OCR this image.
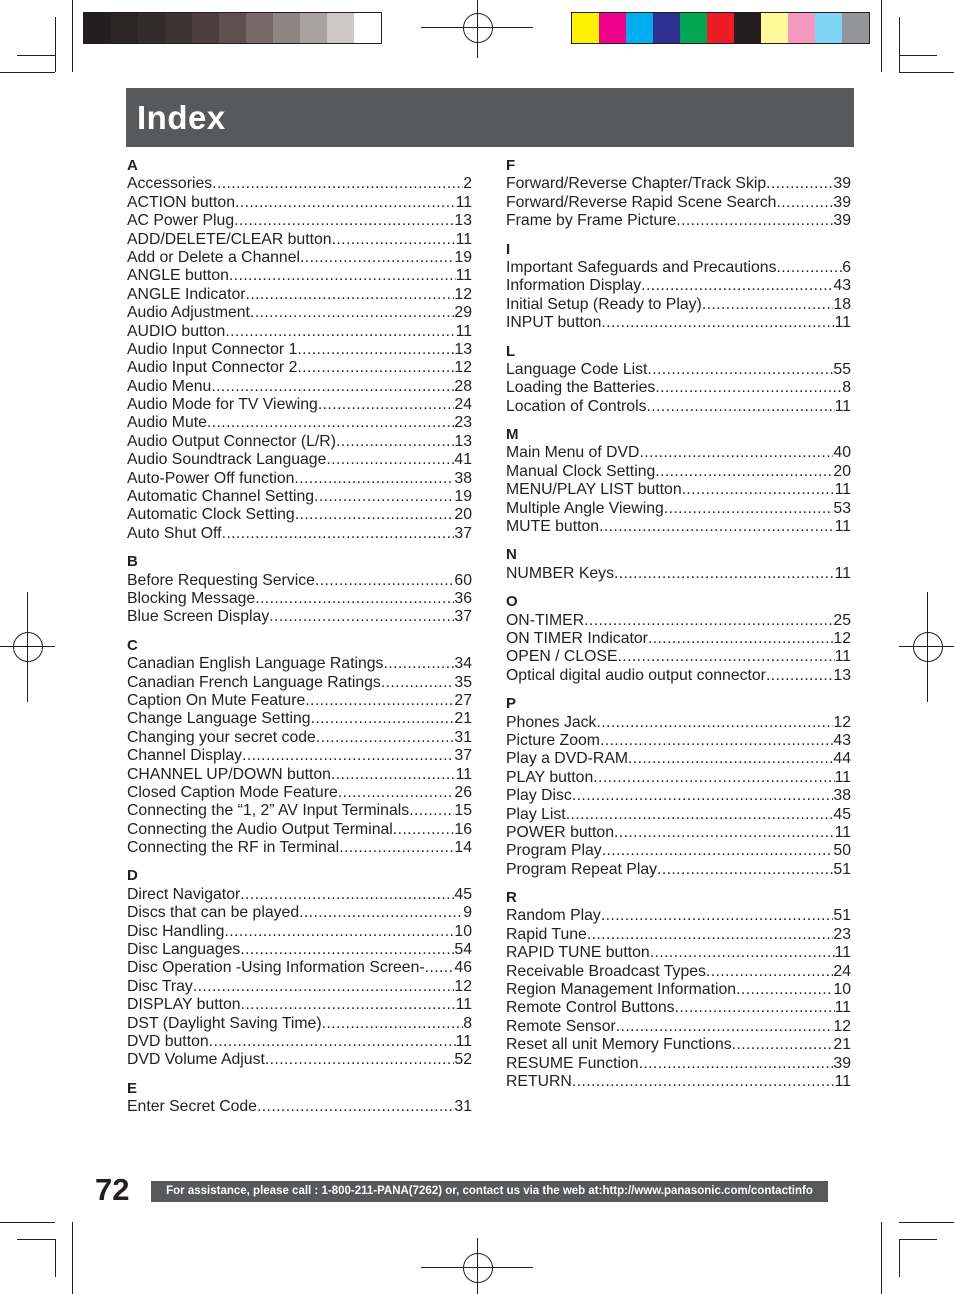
Index
A
Accessories .....	2
ACTION button .....	11
AC Power Plug .....	13
ADD/DELETE/CLEAR button .....	11
Add or Delete a Channel .....	19
ANGLE button .....	11
ANGLE Indicator .....	12
Audio Adjustment .....	29
AUDIO button .....	11
Audio Input Connector 1 .....	13
Audio Input Connector 2 .....	12
Audio Menu .....	28
Audio Mode for TV Viewing .....	24
Audio Mute .....	23
Audio Output Connector (L/R) .....	13
Audio Soundtrack Language .....	41
Auto-Power Off function .....	38
Automatic Channel Setting .....	19
Automatic Clock Setting .....	20
Auto Shut Off .....	37
B
Before Requesting Service .....	60
Blocking Message .....	36
Blue Screen Display .....	37
C
Canadian English Language Ratings .....	34
Canadian French Language Ratings .....	35
Caption On Mute Feature .....	27
Change Language Setting .....	21
Changing your secret code .....	31
Channel Display .....	37
CHANNEL UP/DOWN button .....	11
Closed Caption Mode Feature .....	26
Connecting the “1, 2” AV Input Terminals .....	15
Connecting the Audio Output Terminal .....	16
Connecting the RF in Terminal .....	14
D
Direct Navigator .....	45
Discs that can be played .....	9
Disc Handling .....	10
Disc Languages .....	54
Disc Operation -Using Information Screen- ..... 46
Disc Tray .....	12
DISPLAY button .....	11
DST (Daylight Saving Time) .....	8
DVD button .....	11
DVD Volume Adjust .....	52
E
Enter Secret Code .....	31
F
Forward/Reverse Chapter/Track Skip .....	39
Forward/Reverse Rapid Scene Search .....	39
Frame by Frame Picture .....	39
I
Important Safeguards and Precautions .....	6
Information Display .....	43
Initial Setup (Ready to Play) .....	18
INPUT button .....	11
L
Language Code List .....	55
Loading the Batteries .....	8
Location of Controls .....	11
M
Main Menu of DVD .....	40
Manual Clock Setting .....	20
MENU/PLAY LIST button .....	11
Multiple Angle Viewing .....	53
MUTE button .....	11
N
NUMBER Keys .....	11
O
ON-TIMER .....	25
ON TIMER Indicator .....	12
OPEN / CLOSE .....	11
Optical digital audio output connector .....	13
P
Phones Jack .....	12
Picture Zoom .....	43
Play a DVD-RAM .....	44
PLAY button .....	11
Play Disc .....	38
Play List .....	45
POWER button .....	11
Program Play .....	50
Program Repeat Play .....	51
R
Random Play .....	51
Rapid Tune .....	23
RAPID TUNE button .....	11
Receivable Broadcast Types .....	24
Region Management Information .....	10
Remote Control Buttons .....	11
Remote Sensor .....	12
Reset all unit Memory Functions .....	21
RESUME Function .....	39
RETURN .....	11
72	For assistance, please call : 1-800-211-PANA(7262) or, contact us via the web at:http://www.panasonic.com/contactinfo
